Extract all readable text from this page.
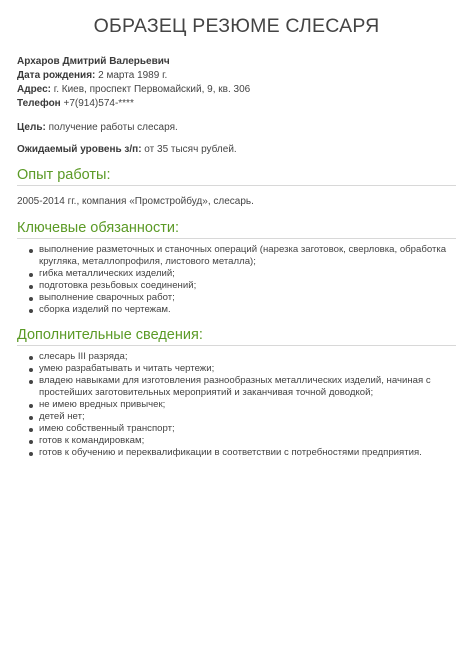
ОБРАЗЕЦ РЕЗЮМЕ СЛЕСАРЯ
Архаров Дмитрий Валерьевич
Дата рождения: 2 марта 1989 г.
Адрес: г. Киев, проспект Первомайский, 9, кв. 306
Телефон +7(914)574-****
Цель: получение работы слесаря.
Ожидаемый уровень з/п: от 35 тысяч рублей.
Опыт работы:
2005-2014 гг., компания «Промстройбуд», слесарь.
Ключевые обязанности:
выполнение разметочных и станочных операций (нарезка заготовок, сверловка, обработка круглякa, металлопрофиля, листового металла);
гибка металлических изделий;
подготовка резьбовых соединений;
выполнение сварочных работ;
сборка изделий по чертежам.
Дополнительные сведения:
слесарь III разряда;
умею разрабатывать и читать чертежи;
владею навыками для изготовления разнообразных металлических изделий, начиная с простейших заготовительных мероприятий и заканчивая точной доводкой;
не имею вредных привычек;
детей нет;
имею собственный транспорт;
готов к командировкам;
готов к обучению и переквалификации в соответствии с потребностями предприятия.
